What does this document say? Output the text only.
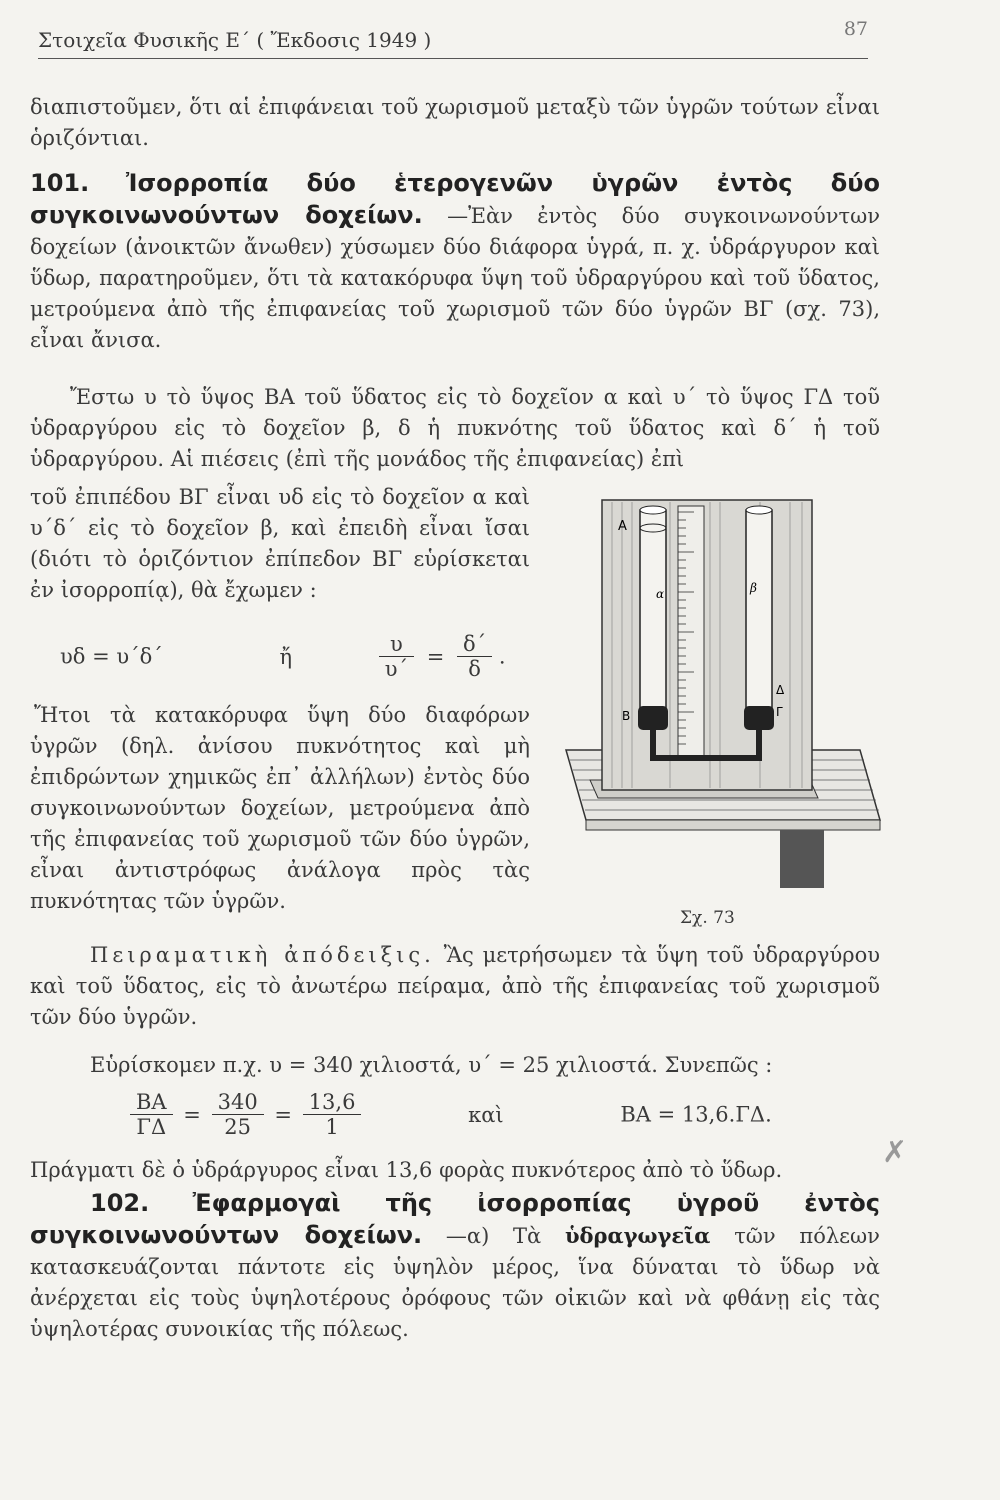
Στοιχεῖα Φυσικῆς Ε΄ ( Ἔκδοσις 1949 )	87
διαπιστοῦμεν, ὅτι αἱ ἐπιφάνειαι τοῦ χωρισμοῦ μεταξὺ τῶν ὑγρῶν τούτων εἶναι ὁριζόντιαι.
101. Ἰσορροπία δύο ἑτερογενῶν ὑγρῶν ἐντὸς δύο συγκοινωνούντων δοχείων. —Ἐὰν ἐντὸς δύο συγκοινωνούντων δοχείων (ἀνοικτῶν ἄνωθεν) χύσωμεν δύο διάφορα ὑγρά, π. χ. ὑδράργυρον καὶ ὕδωρ, παρατηροῦμεν, ὅτι τὰ κατακόρυφα ὕψη τοῦ ὑδραργύρου καὶ τοῦ ὕδατος, μετρούμενα ἀπὸ τῆς ἐπιφανείας τοῦ χωρισμοῦ τῶν δύο ὑγρῶν ΒΓ (σχ. 73), εἶναι ἄνισα.
Ἔστω υ τὸ ὕψος ΒΑ τοῦ ὕδατος εἰς τὸ δοχεῖον α καὶ υ΄ τὸ ὕψος ΓΔ τοῦ ὑδραργύρου εἰς τὸ δοχεῖον β, δ ἡ πυκνότης τοῦ ὕδατος καὶ δ΄ ἡ τοῦ ὑδραργύρου. Αἱ πιέσεις (ἐπὶ τῆς μονάδος τῆς ἐπιφανείας) ἐπὶ
τοῦ ἐπιπέδου ΒΓ εἶναι υδ εἰς τὸ δοχεῖον α καὶ υ΄δ΄ εἰς τὸ δοχεῖον β, καὶ ἐπειδὴ εἶναι ἴσαι (διότι τὸ ὁριζόντιον ἐπίπεδον ΒΓ εὑρίσκεται ἐν ἰσορροπίᾳ), θὰ ἔχωμεν :
υδ = υ΄δ΄	ἤ	$\frac{\upsilon}{\upsilon΄} = \frac{\delta΄}{\delta}$ .
Ἤτοι τὰ κατακόρυφα ὕψη δύο διαφόρων ὑγρῶν (δηλ. ἀνίσου πυκνότητος καὶ μὴ ἐπιδρώντων χημικῶς ἐπ᾽ ἀλλήλων) ἐντὸς δύο συγκοινωνούντων δοχείων, μετρούμενα ἀπὸ τῆς ἐπιφανείας τοῦ χωρισμοῦ τῶν δύο ὑγρῶν, εἶναι ἀντιστρόφως ἀνάλογα πρὸς τὰς πυκνότητας τῶν ὑγρῶν.
Α
α	β
Δ
Γ
Β
Σχ. 73
Πειραματικὴ ἀπόδειξις. Ἂς μετρήσωμεν τὰ ὕψη τοῦ ὑδραργύρου καὶ τοῦ ὕδατος, εἰς τὸ ἀνωτέρω πείραμα, ἀπὸ τῆς ἐπιφανείας τοῦ χωρισμοῦ τῶν δύο ὑγρῶν.
Εὑρίσκομεν π.χ. υ = 340 χιλιοστά, υ΄ = 25 χιλιοστά. Συνεπῶς :
$\frac{BA}{\Gamma\Delta} = \frac{340}{25} = \frac{13,6}{1}$	καὶ	ΒΑ = 13,6.ΓΔ.
Πράγματι δὲ ὁ ὑδράργυρος εἶναι 13,6 φορὰς πυκνότερος ἀπὸ τὸ ὕδωρ.
102. Ἐφαρμογαὶ τῆς ἰσορροπίας ὑγροῦ ἐντὸς συγκοινωνούντων δοχείων. —α) Τὰ ὑδραγωγεῖα τῶν πόλεων κατασκευάζονται πάντοτε εἰς ὑψηλὸν μέρος, ἵνα δύναται τὸ ὕδωρ νὰ ἀνέρχεται εἰς τοὺς ὑψηλοτέρους ὀρόφους τῶν οἰκιῶν καὶ νὰ φθάνῃ εἰς τὰς ὑψηλοτέρας συνοικίας τῆς πόλεως.
✗
